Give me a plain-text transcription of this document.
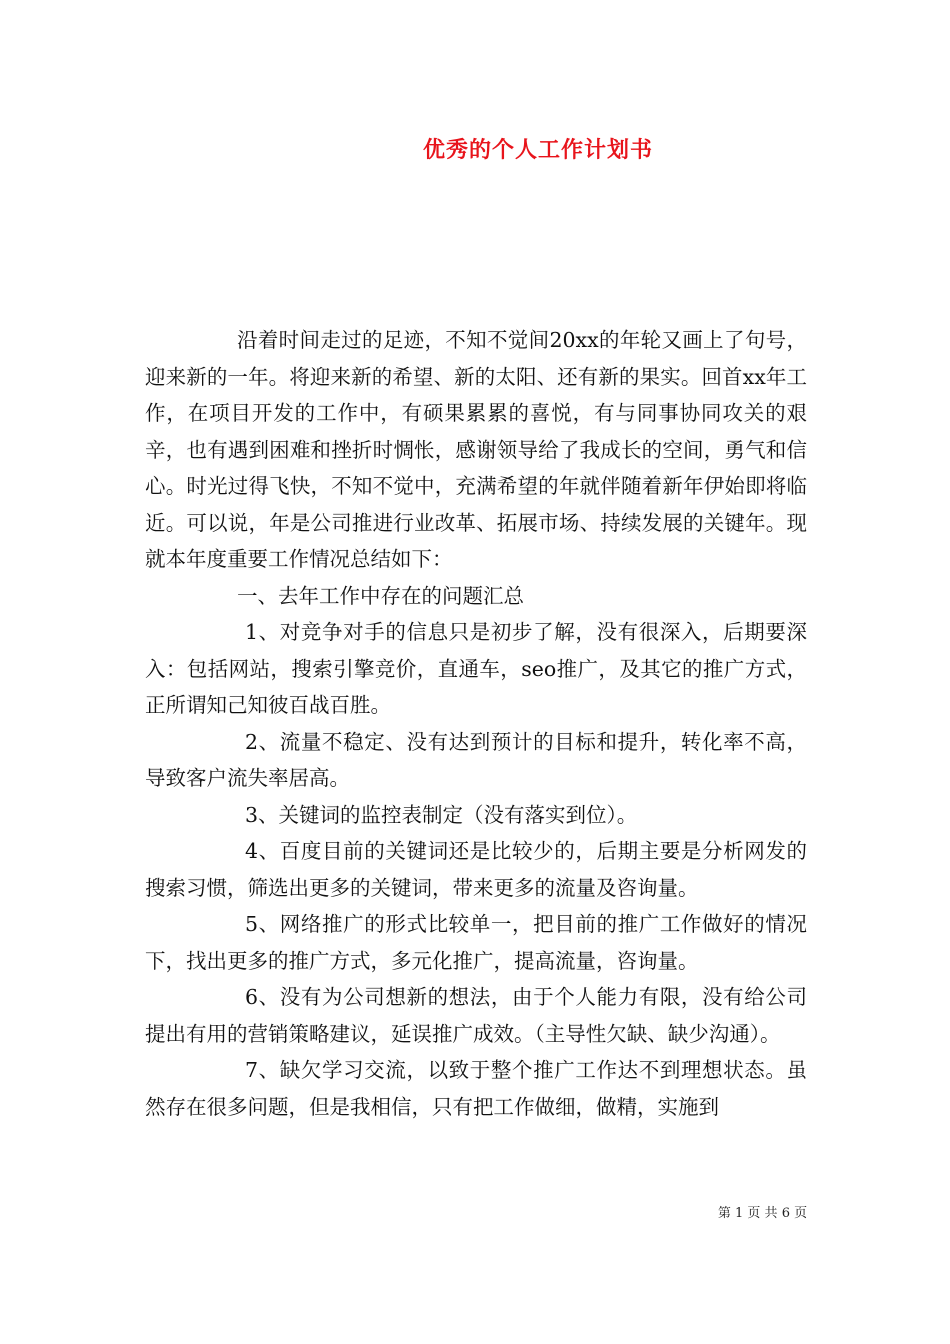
优秀的个人工作计划书

沿着时间走过的足迹，不知不觉间20xx的年轮又画上了句号，迎来新的一年。将迎来新的希望、新的太阳、还有新的果实。回首xx年工作，在项目开发的工作中，有硕果累累的喜悦，有与同事协同攻关的艰辛，也有遇到困难和挫折时惆怅，感谢领导给了我成长的空间，勇气和信心。时光过得飞快，不知不觉中，充满希望的年就伴随着新年伊始即将临近。可以说，年是公司推进行业改革、拓展市场、持续发展的关键年。现就本年度重要工作情况总结如下：

一、去年工作中存在的问题汇总

1、对竞争对手的信息只是初步了解，没有很深入，后期要深入：包括网站，搜索引擎竞价，直通车，seo推广，及其它的推广方式，正所谓知己知彼百战百胜。

2、流量不稳定、没有达到预计的目标和提升，转化率不高，导致客户流失率居高。

3、关键词的监控表制定（没有落实到位）。

4、百度目前的关键词还是比较少的，后期主要是分析网发的搜索习惯，筛选出更多的关键词，带来更多的流量及咨询量。

5、网络推广的形式比较单一，把目前的推广工作做好的情况下，找出更多的推广方式，多元化推广，提高流量，咨询量。

6、没有为公司想新的想法，由于个人能力有限，没有给公司提出有用的营销策略建议，延误推广成效。（主导性欠缺、缺少沟通）。

7、缺欠学习交流，以致于整个推广工作达不到理想状态。虽然存在很多问题，但是我相信，只有把工作做细，做精，实施到

第 1 页 共 6 页
